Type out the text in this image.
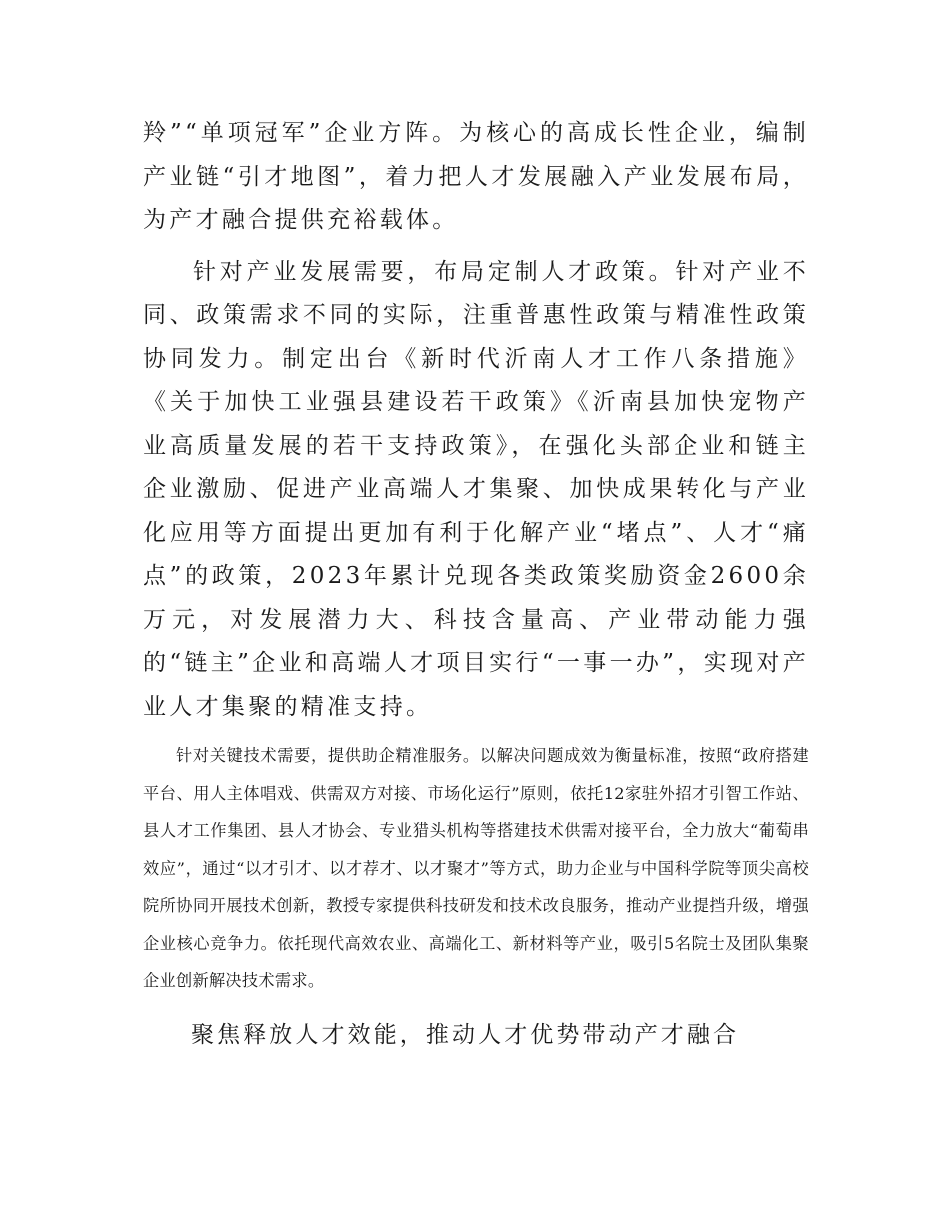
羚”“单项冠军”企业方阵。为核心的高成长性企业，编制产业链“引才地图”，着力把人才发展融入产业发展布局，为产才融合提供充裕载体。

针对产业发展需要，布局定制人才政策。针对产业不同、政策需求不同的实际，注重普惠性政策与精准性政策协同发力。制定出台《新时代沂南人才工作八条措施》《关于加快工业强县建设若干政策》《沂南县加快宠物产业高质量发展的若干支持政策》，在强化头部企业和链主企业激励、促进产业高端人才集聚、加快成果转化与产业化应用等方面提出更加有利于化解产业“堵点”、人才“痛点”的政策，2023年累计兑现各类政策奖励资金2600余万元，对发展潜力大、科技含量高、产业带动能力强的“链主”企业和高端人才项目实行“一事一办”，实现对产业人才集聚的精准支持。

针对关键技术需要，提供助企精准服务。以解决问题成效为衡量标准，按照“政府搭建平台、用人主体唱戏、供需双方对接、市场化运行”原则，依托12家驻外招才引智工作站、县人才工作集团、县人才协会、专业猎头机构等搭建技术供需对接平台，全力放大“葡萄串效应”，通过“以才引才、以才荐才、以才聚才”等方式，助力企业与中国科学院等顶尖高校院所协同开展技术创新，教授专家提供科技研发和技术改良服务，推动产业提挡升级，增强企业核心竞争力。依托现代高效农业、高端化工、新材料等产业，吸引5名院士及团队集聚企业创新解决技术需求。

聚焦释放人才效能，推动人才优势带动产才融合
